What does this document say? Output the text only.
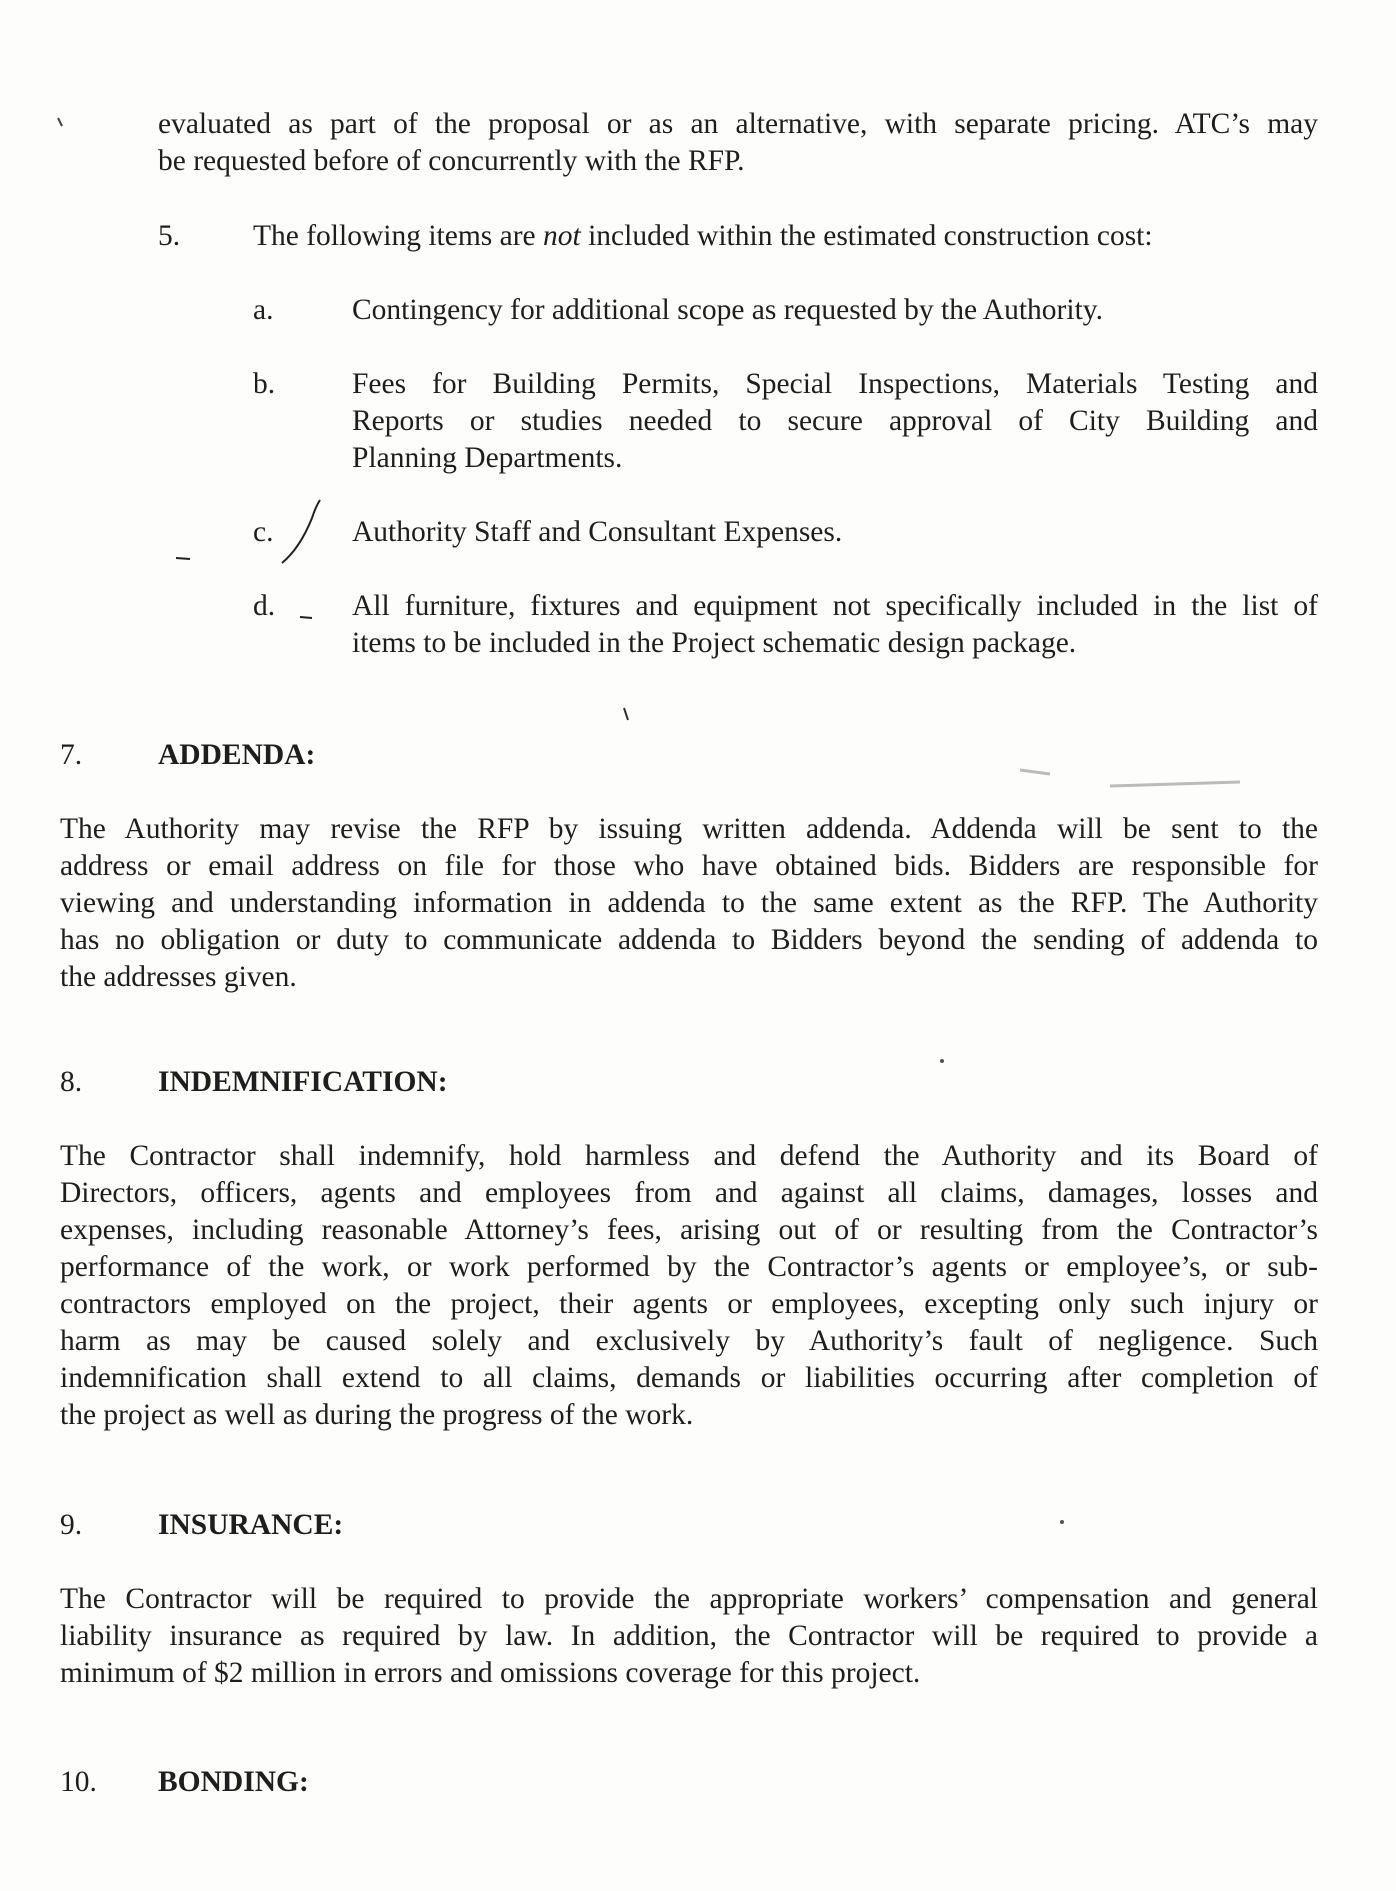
evaluated as part of the proposal or as an alternative, with separate pricing. ATC’s may
be requested before of concurrently with the RFP.
5. The following items are not included within the estimated construction cost:
a.	Contingency for additional scope as requested by the Authority.
b.	Fees for Building Permits, Special Inspections, Materials Testing and
Reports or studies needed to secure approval of City Building and
Planning Departments.
c.	Authority Staff and Consultant Expenses.
d.	All furniture, fixtures and equipment not specifically included in the list of
items to be included in the Project schematic design package.
7.	ADDENDA:
The Authority may revise the RFP by issuing written addenda. Addenda will be sent to the
address or email address on file for those who have obtained bids. Bidders are responsible for
viewing and understanding information in addenda to the same extent as the RFP. The Authority
has no obligation or duty to communicate addenda to Bidders beyond the sending of addenda to
the addresses given.
8.	INDEMNIFICATION:
The Contractor shall indemnify, hold harmless and defend the Authority and its Board of
Directors, officers, agents and employees from and against all claims, damages, losses and
expenses, including reasonable Attorney’s fees, arising out of or resulting from the Contractor’s
performance of the work, or work performed by the Contractor’s agents or employee’s, or sub-
contractors employed on the project, their agents or employees, excepting only such injury or
harm as may be caused solely and exclusively by Authority’s fault of negligence. Such
indemnification shall extend to all claims, demands or liabilities occurring after completion of
the project as well as during the progress of the work.
9.	INSURANCE:
The Contractor will be required to provide the appropriate workers’ compensation and general
liability insurance as required by law. In addition, the Contractor will be required to provide a
minimum of $2 million in errors and omissions coverage for this project.
10. BONDING:
